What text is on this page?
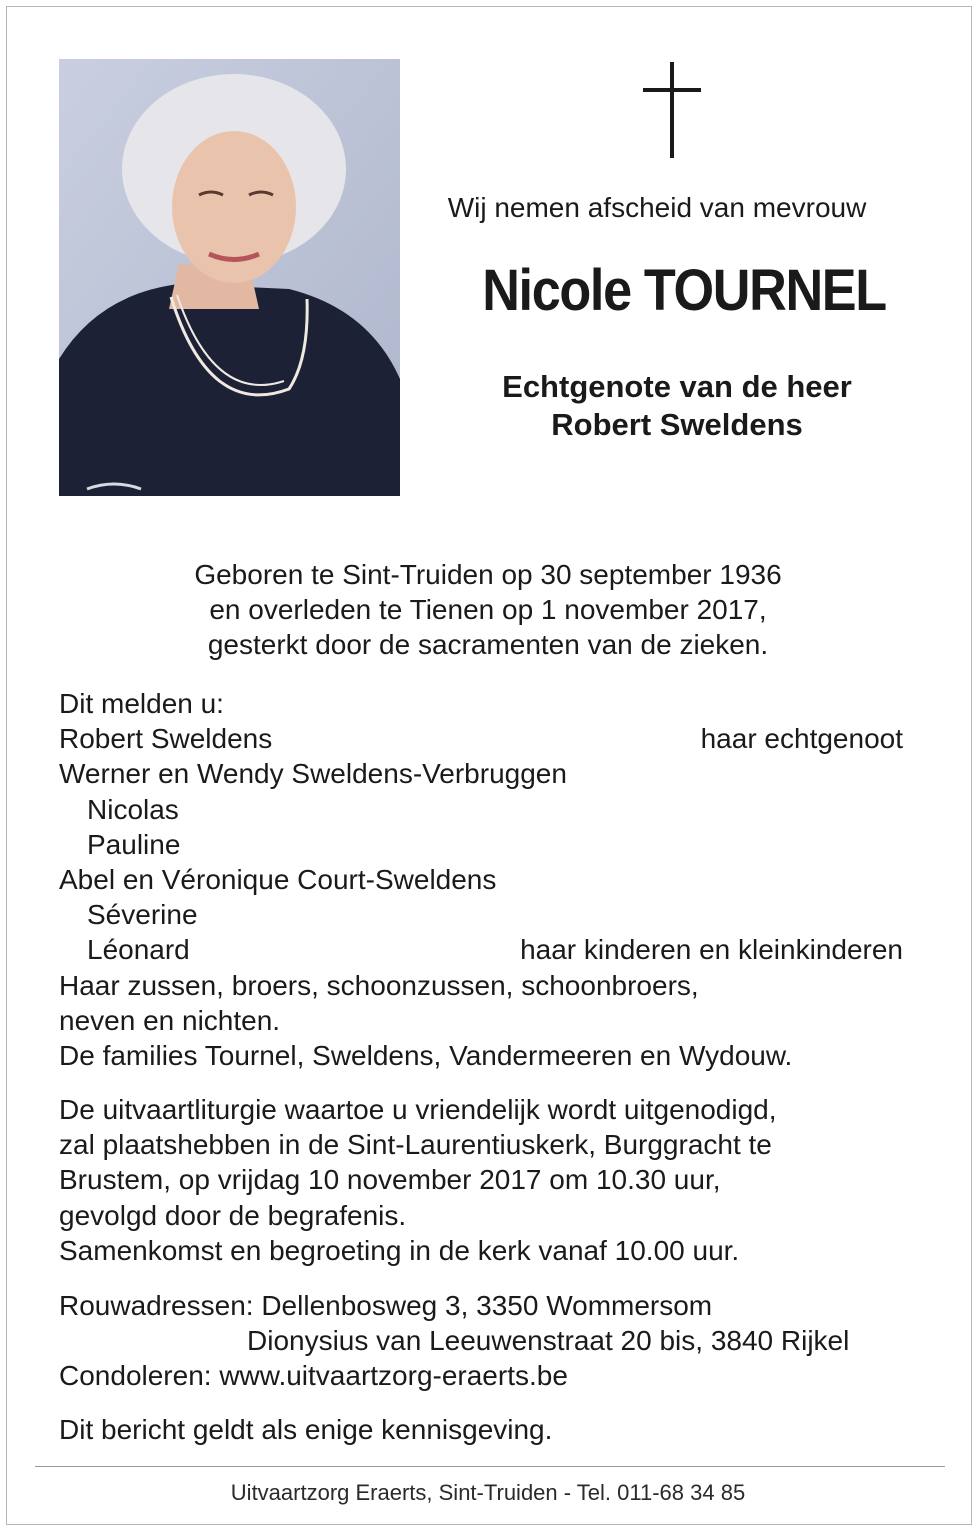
Wij nemen afscheid van mevrouw
Nicole TOURNEL
Echtgenote van de heer
Robert Sweldens
Geboren te Sint-Truiden op 30 september 1936
en overleden te Tienen op 1 november 2017,
gesterkt door de sacramenten van de zieken.
Dit melden u:
Robert Sweldens	haar echtgenoot
Werner en Wendy Sweldens-Verbruggen
Nicolas
Pauline
Abel en Véronique Court-Sweldens
Séverine
Léonard	haar kinderen en kleinkinderen
Haar zussen, broers, schoonzussen, schoonbroers,
neven en nichten.
De families Tournel, Sweldens, Vandermeeren en Wydouw.
De uitvaartliturgie waartoe u vriendelijk wordt uitgenodigd,
zal plaatshebben in de Sint-Laurentiuskerk, Burggracht te
Brustem, op vrijdag 10 november 2017 om 10.30 uur,
gevolgd door de begrafenis.
Samenkomst en begroeting in de kerk vanaf 10.00 uur.
Rouwadressen: Dellenbosweg 3, 3350 Wommersom
Dionysius van Leeuwenstraat 20 bis, 3840 Rijkel
Condoleren: www.uitvaartzorg-eraerts.be
Dit bericht geldt als enige kennisgeving.
Uitvaartzorg Eraerts, Sint-Truiden - Tel. 011-68 34 85
